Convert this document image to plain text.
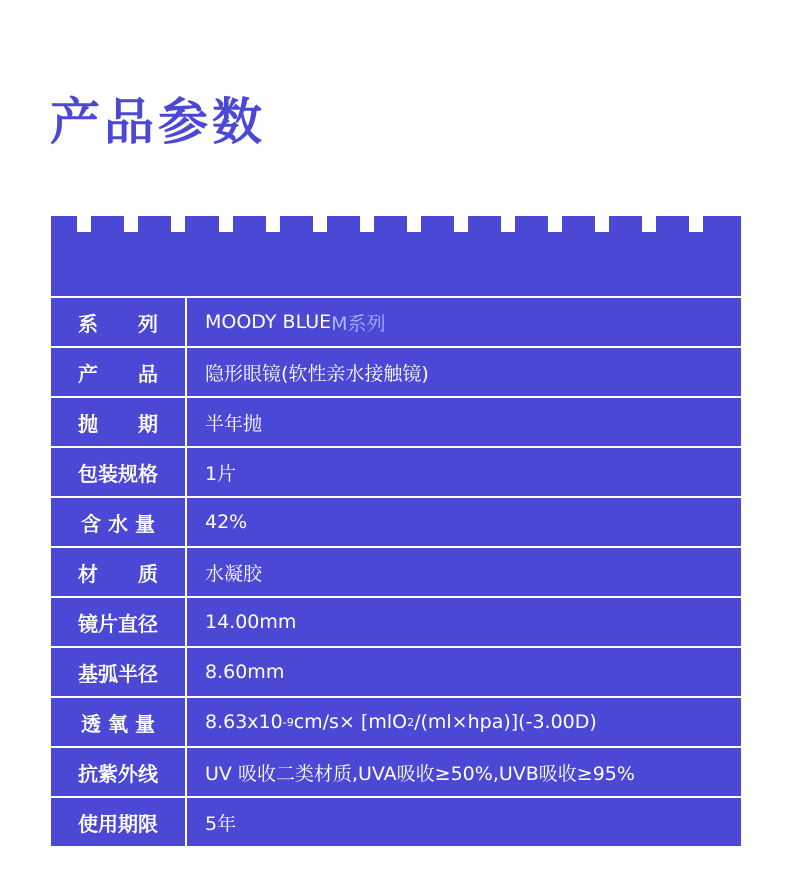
产品参数
系　　列	MOODY BLUE M系列
产　　品	隐形眼镜(软性亲水接触镜)
抛　　期	半年抛
包装规格	1片
含 水 量	42%
材　　质	水凝胶
镜片直径	14.00mm
基弧半径	8.60mm
透 氧 量	8.63x10 -9 cm/s× [mlO 2 /(ml×hpa)](-3.00D)
抗紫外线	UV 吸收二类材质,UVA吸收≥50%,UVB吸收≥95%
使用期限	5年
